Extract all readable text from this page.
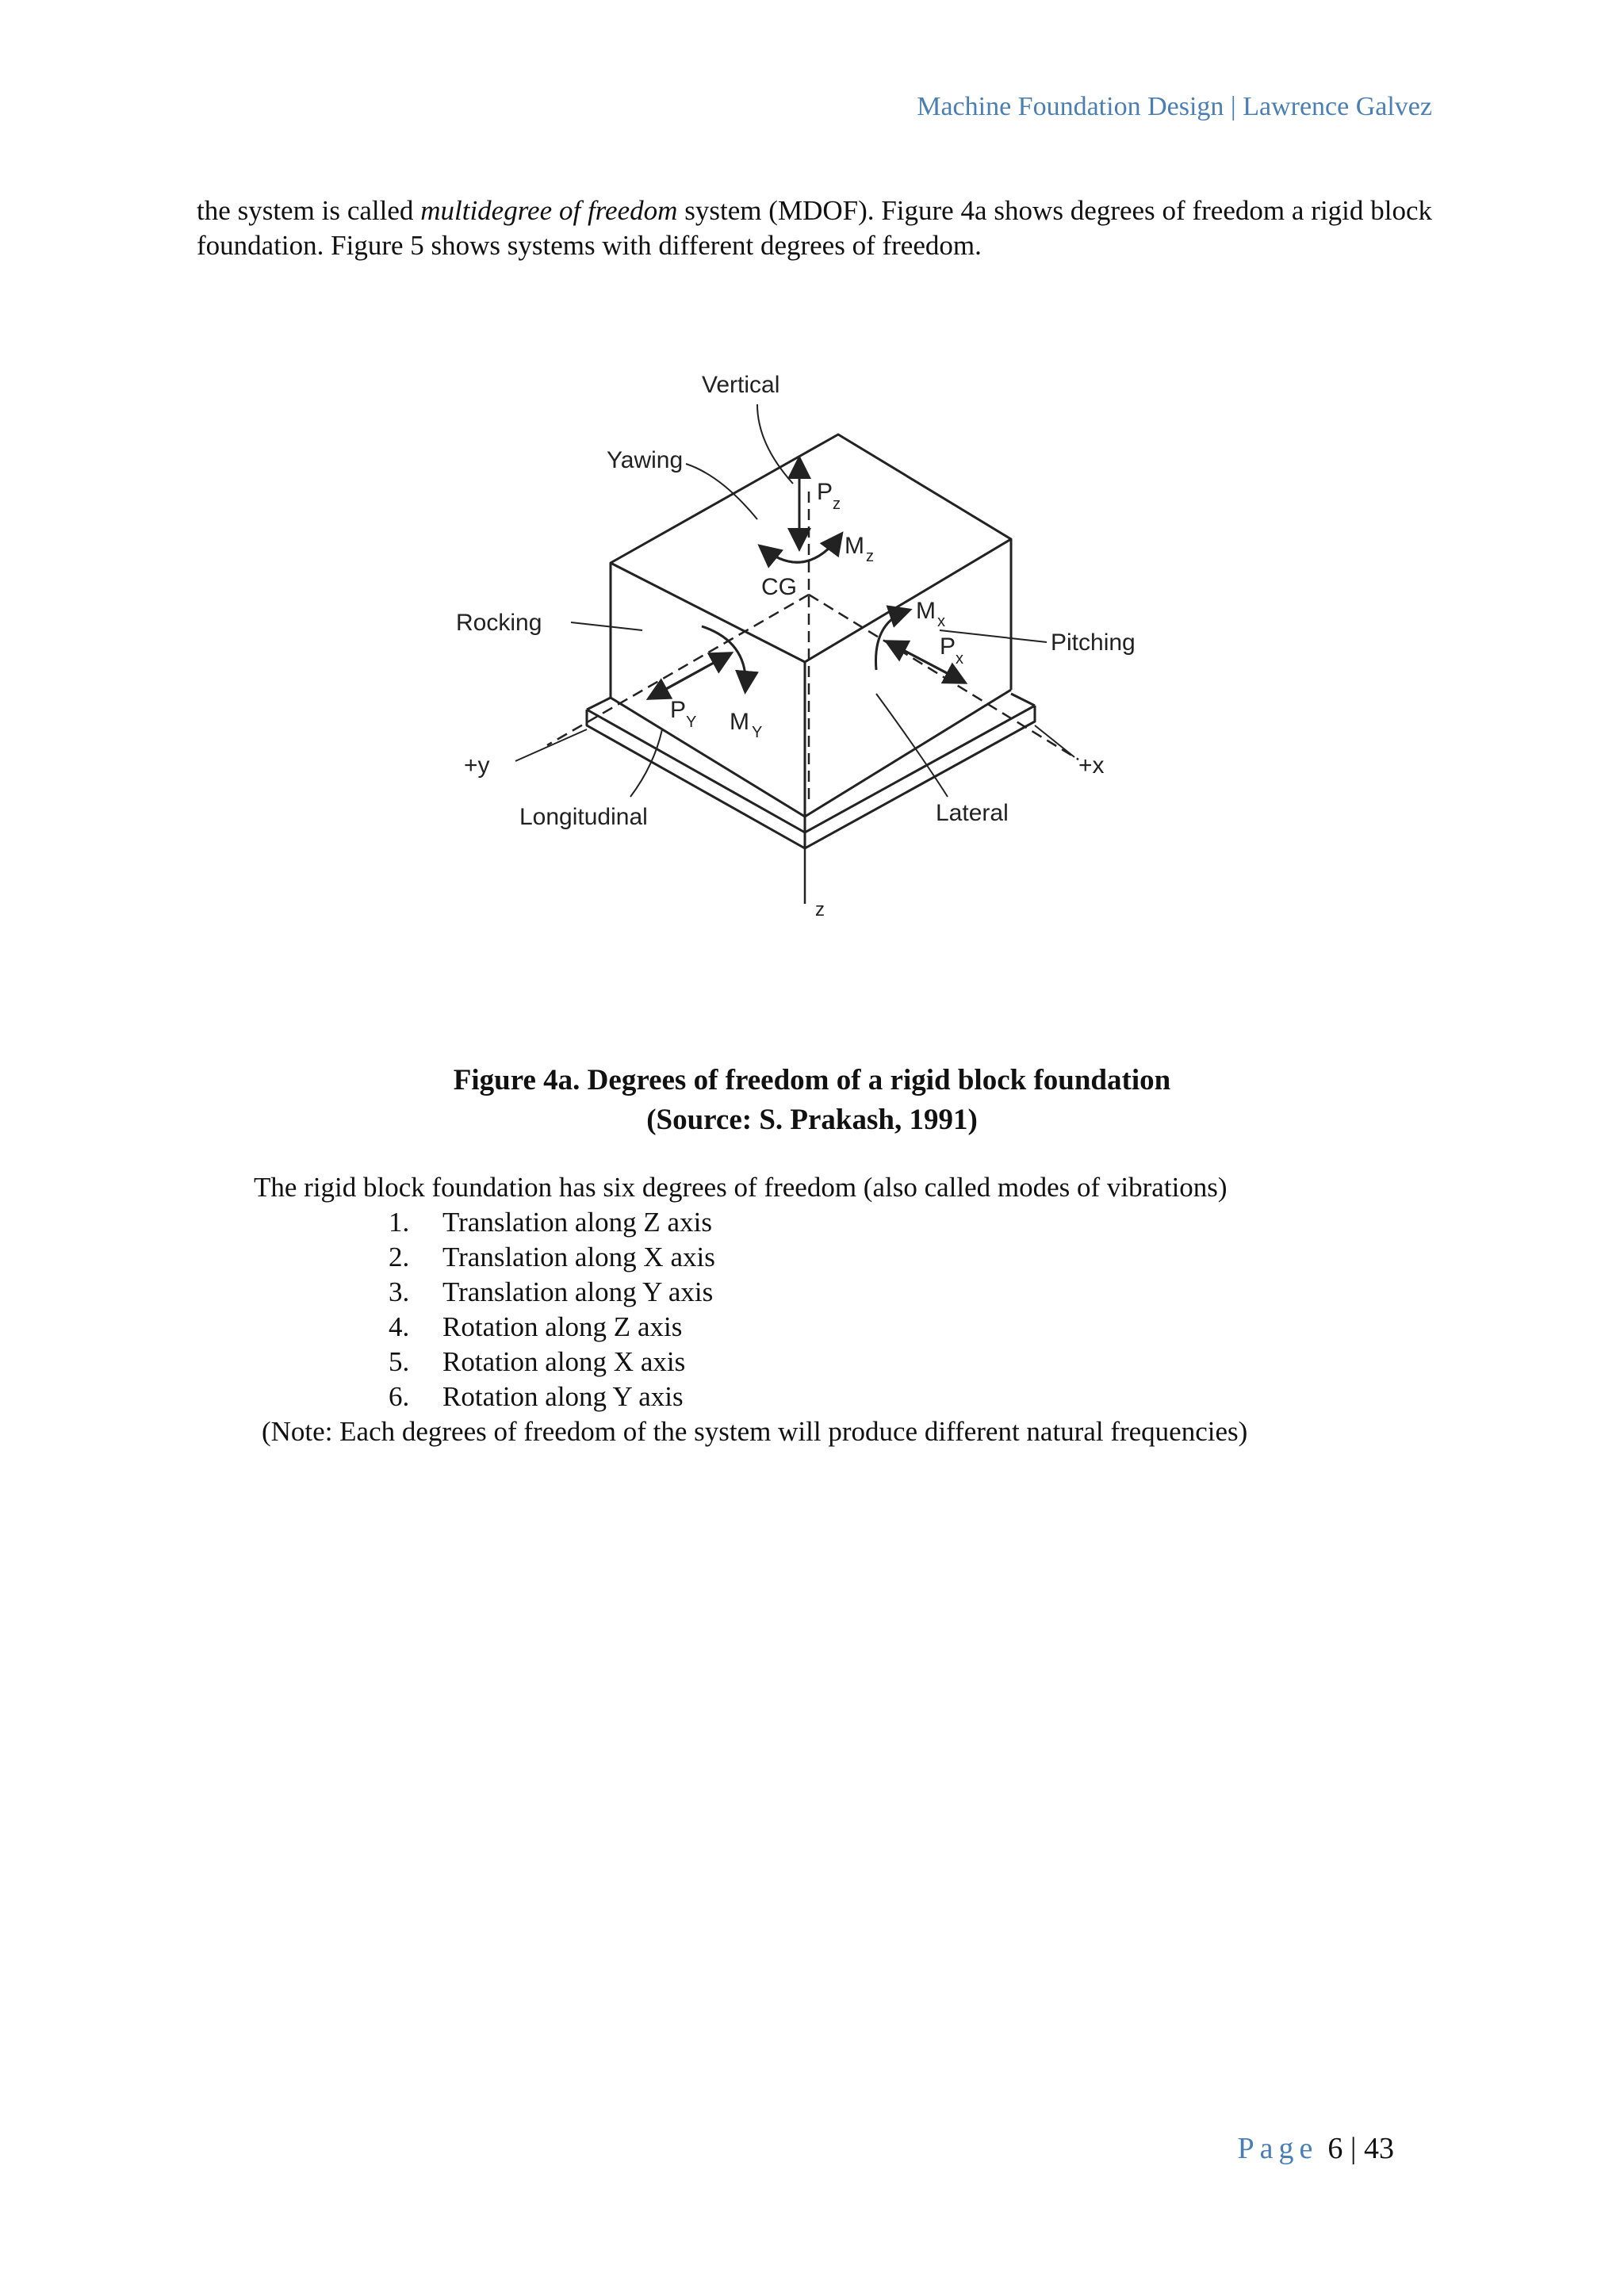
Machine Foundation Design | Lawrence Galvez

the system is called multidegree of freedom system (MDOF). Figure 4a shows degrees of freedom a rigid block foundation. Figure 5 shows systems with different degrees of freedom.

Vertical
Yawing
Rocking
Pitching
Longitudinal	Lateral
CG
+y	+x
z
P z
M z
M x
P x
P Y M Y
Figure 4a. Degrees of freedom of a rigid block foundation
(Source: S. Prakash, 1991)
The rigid block foundation has six degrees of freedom (also called modes of vibrations)
1.	Translation along Z axis
2.	Translation along X axis
3.	Translation along Y axis
4.	Rotation along Z axis
5.	Rotation along X axis
6.	Rotation along Y axis
(Note: Each degrees of freedom of the system will produce different natural frequencies)
Page 6 | 43
